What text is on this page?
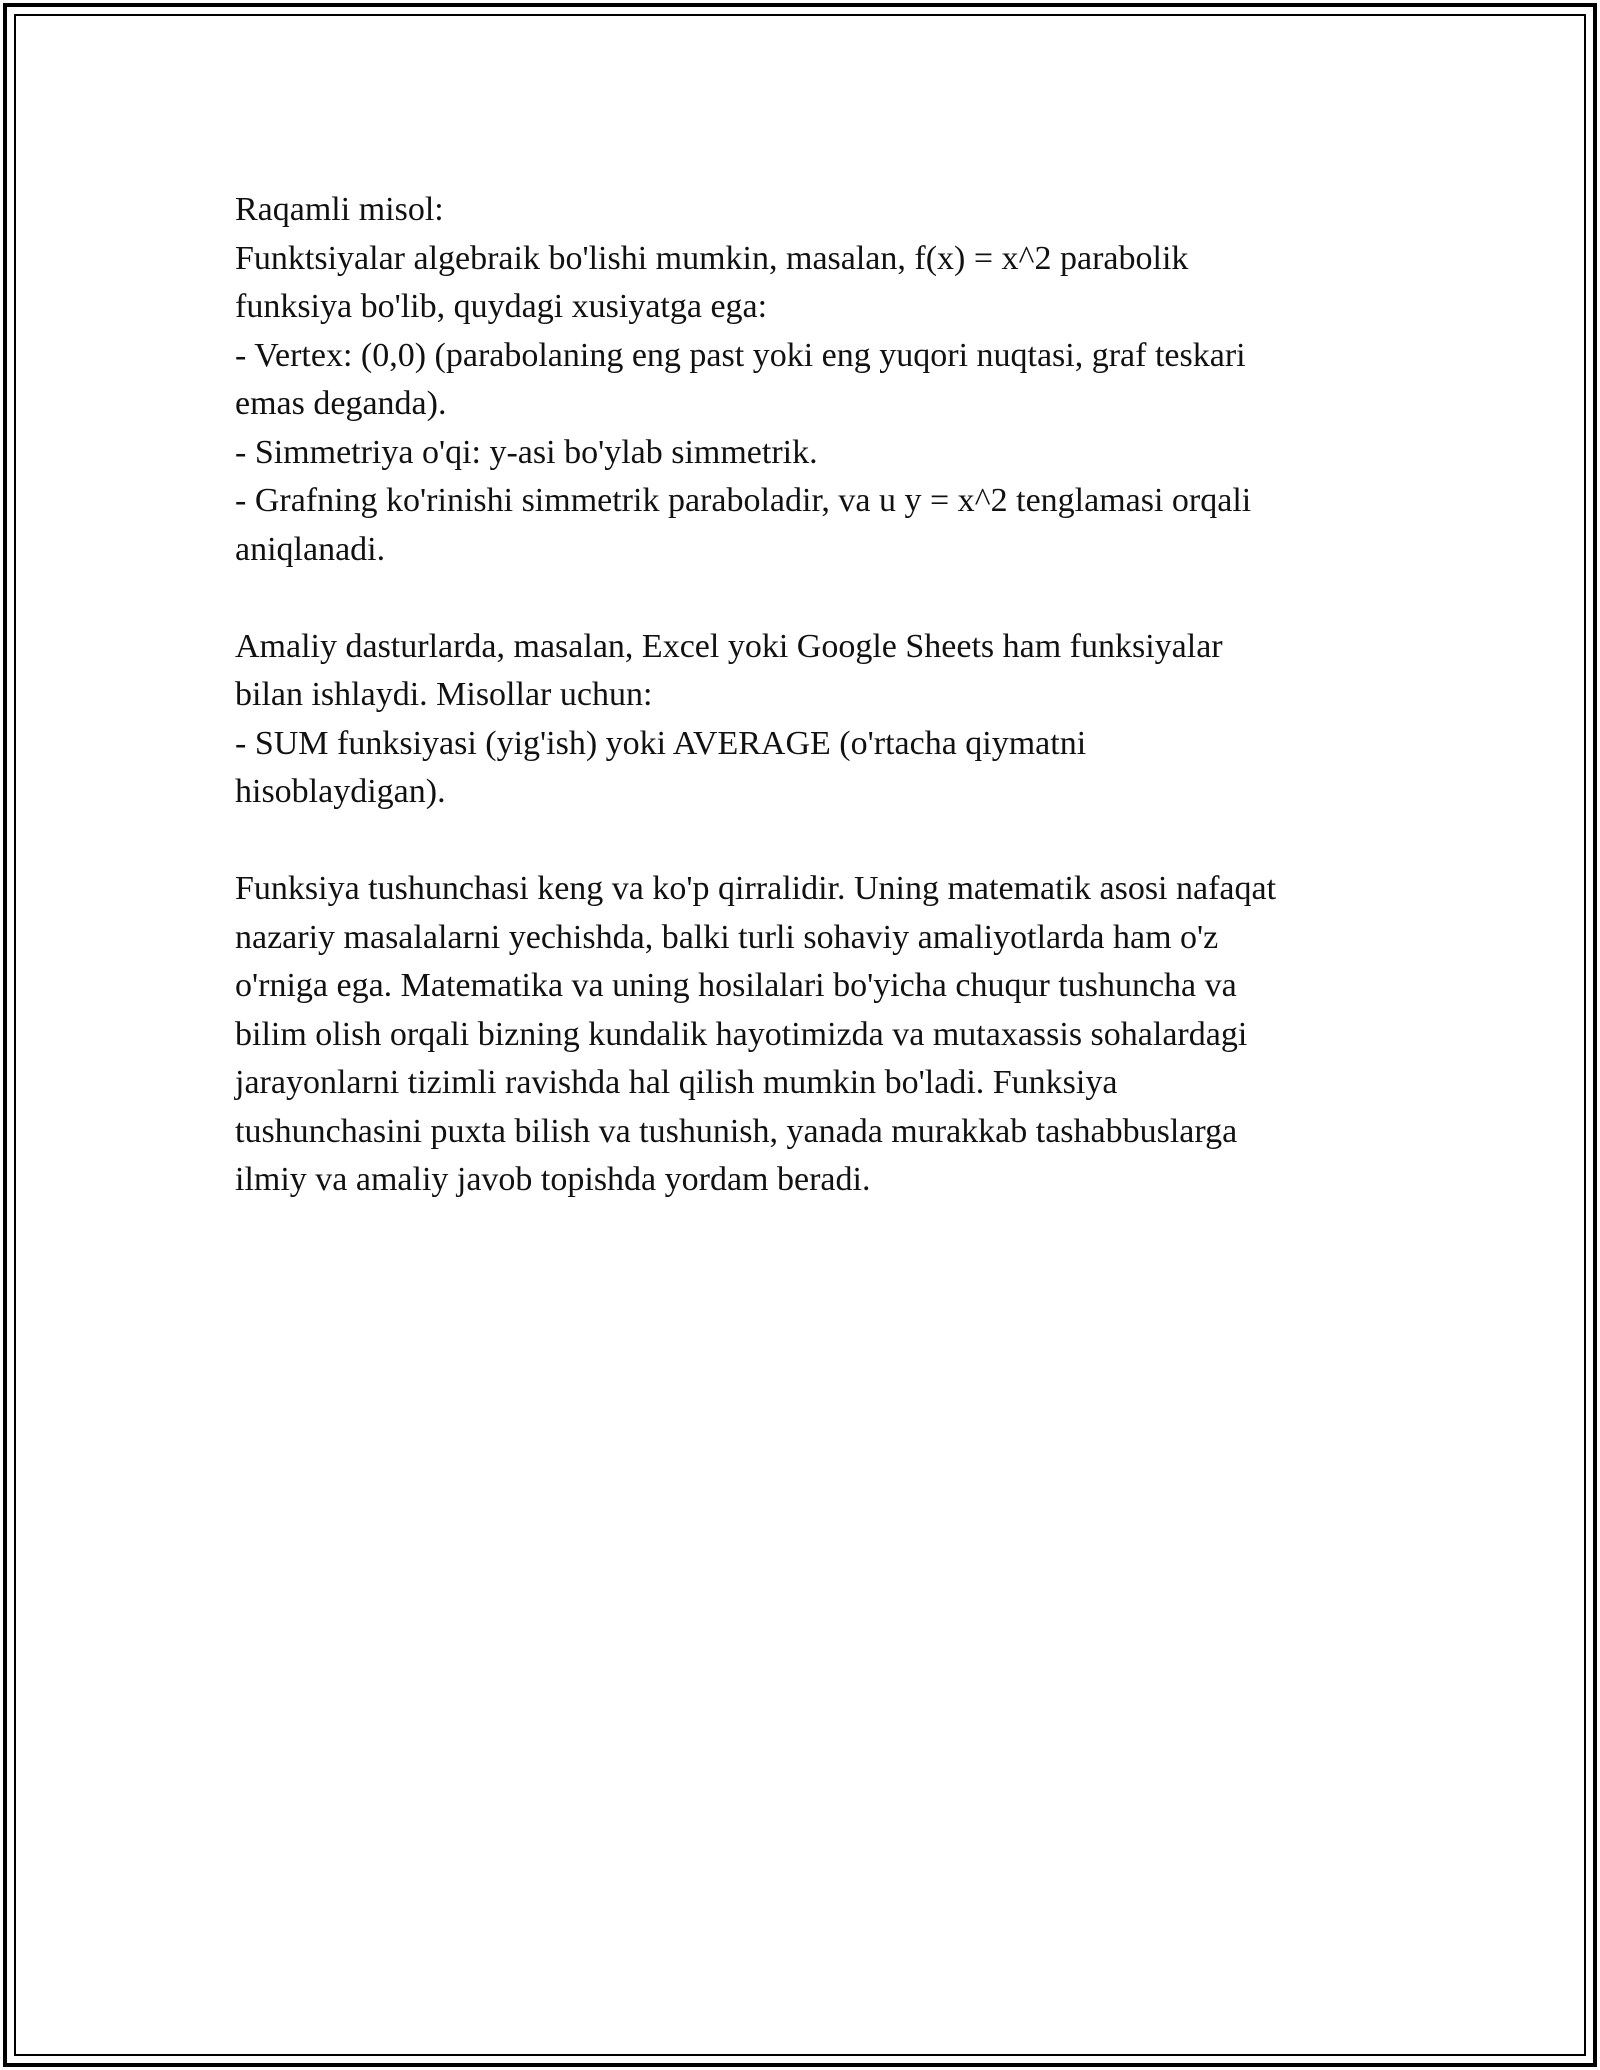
Raqamli misol:
Funktsiyalar algebraik bo'lishi mumkin, masalan, f(x) = x^2 parabolik
funksiya bo'lib, quydagi xusiyatga ega:
- Vertex: (0,0) (parabolaning eng past yoki eng yuqori nuqtasi, graf teskari
emas deganda).
- Simmetriya o'qi: y-asi bo'ylab simmetrik.
- Grafning ko'rinishi simmetrik paraboladir, va u y = x^2 tenglamasi orqali
aniqlanadi.
Amaliy dasturlarda, masalan, Excel yoki Google Sheets ham funksiyalar
bilan ishlaydi. Misollar uchun:
- SUM funksiyasi (yig'ish) yoki AVERAGE (o'rtacha qiymatni
hisoblaydigan).
Funksiya tushunchasi keng va ko'p qirralidir. Uning matematik asosi nafaqat
nazariy masalalarni yechishda, balki turli sohaviy amaliyotlarda ham o'z
o'rniga ega. Matematika va uning hosilalari bo'yicha chuqur tushuncha va
bilim olish orqali bizning kundalik hayotimizda va mutaxassis sohalardagi
jarayonlarni tizimli ravishda hal qilish mumkin bo'ladi. Funksiya
tushunchasini puxta bilish va tushunish, yanada murakkab tashabbuslarga
ilmiy va amaliy javob topishda yordam beradi.
